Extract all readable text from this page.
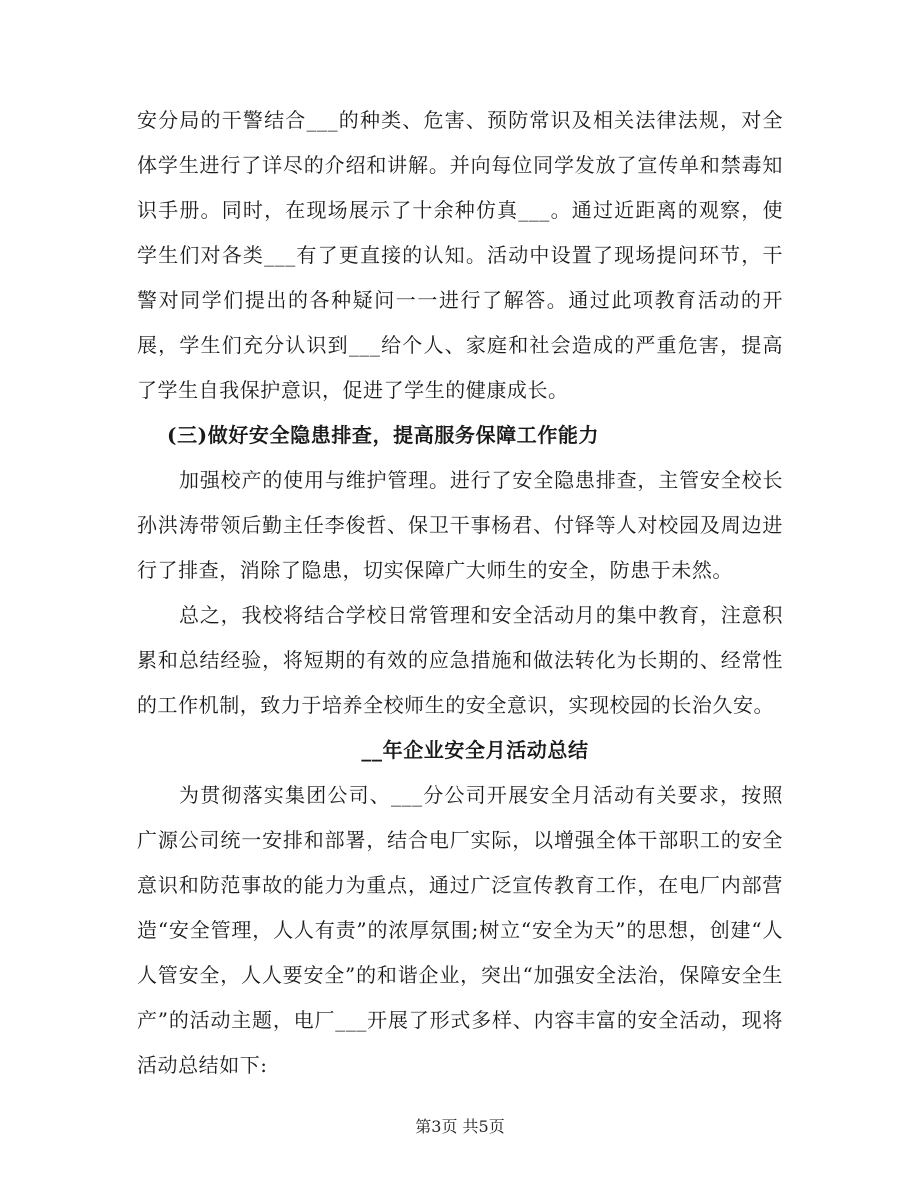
安分局的干警结合___的种类、危害、预防常识及相关法律法规，对全体学生进行了详尽的介绍和讲解。并向每位同学发放了宣传单和禁毒知识手册。同时，在现场展示了十余种仿真___。通过近距离的观察，使学生们对各类___有了更直接的认知。活动中设置了现场提问环节，干警对同学们提出的各种疑问一一进行了解答。通过此项教育活动的开展，学生们充分认识到___给个人、家庭和社会造成的严重危害，提高了学生自我保护意识，促进了学生的健康成长。

(三)做好安全隐患排查，提高服务保障工作能力

加强校产的使用与维护管理。进行了安全隐患排查，主管安全校长孙洪涛带领后勤主任李俊哲、保卫干事杨君、付铎等人对校园及周边进行了排查，消除了隐患，切实保障广大师生的安全，防患于未然。

总之，我校将结合学校日常管理和安全活动月的集中教育，注意积累和总结经验，将短期的有效的应急措施和做法转化为长期的、经常性的工作机制，致力于培养全校师生的安全意识，实现校园的长治久安。

__年企业安全月活动总结

为贯彻落实集团公司、___分公司开展安全月活动有关要求，按照广源公司统一安排和部署，结合电厂实际，以增强全体干部职工的安全意识和防范事故的能力为重点，通过广泛宣传教育工作，在电厂内部营造“安全管理，人人有责”的浓厚氛围;树立“安全为天”的思想，创建“人人管安全，人人要安全”的和谐企业，突出“加强安全法治，保障安全生产”的活动主题，电厂___开展了形式多样、内容丰富的安全活动，现将活动总结如下:

第3页 共5页
